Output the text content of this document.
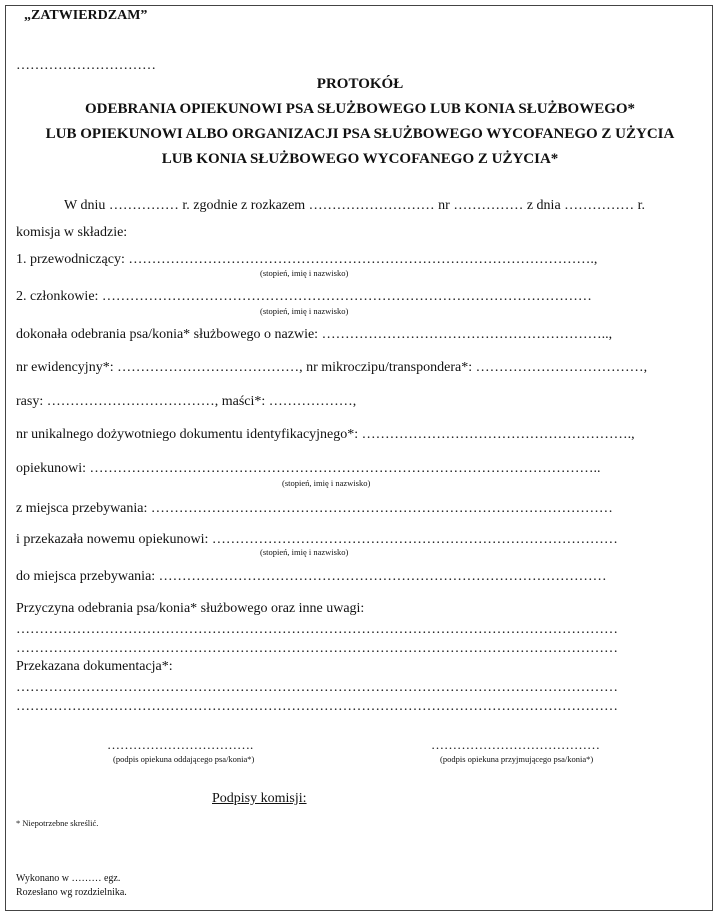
„ZATWIERDZAM”
…………………………
PROTOKÓŁ
ODEBRANIA OPIEKUNOWI PSA SŁUŻBOWEGO LUB KONIA SŁUŻBOWEGO*
LUB OPIEKUNOWI ALBO ORGANIZACJI PSA SŁUŻBOWEGO WYCOFANEGO Z UŻYCIA
LUB KONIA SŁUŻBOWEGO WYCOFANEGO Z UŻYCIA*
W dniu …………… r. zgodnie z rozkazem ……………………… nr …………… z dnia …………… r.
komisja w składzie:
1. przewodniczący: ……………………………………………………………………………………….,
(stopień, imię i nazwisko)
2. członkowie: ……………………………………………………………………………………………
(stopień, imię i nazwisko)
dokonała odebrania psa/konia* służbowego o nazwie: ……………………………………………………..,
nr ewidencyjny*: …………………………………, nr mikroczipu/transpondera*: ………………………………,
rasy: ………………………………, maści*: ………………,
nr unikalnego dożywotniego dokumentu identyfikacyjnego*: ………………………………………………….,
opiekunowi: ………………………………………………………………………………………………..
(stopień, imię i nazwisko)
z miejsca przebywania: ………………………………………………………………………………………
i przekazała nowemu opiekunowi: ……………………………………………………………………………
(stopień, imię i nazwisko)
do miejsca przebywania: ……………………………………………………………………………………
Przyczyna odebrania psa/konia* służbowego oraz inne uwagi:
…………………………………………………………………………………………………………………
…………………………………………………………………………………………………………………
Przekazana dokumentacja*:
…………………………………………………………………………………………………………………
…………………………………………………………………………………………………………………
…………………………….
(podpis opiekuna oddającego psa/konia*)
…………………………………
(podpis opiekuna przyjmującego psa/konia*)
Podpisy komisji:
* Niepotrzebne skreślić.
Wykonano w ……… egz.
Rozesłano wg rozdzielnika.
